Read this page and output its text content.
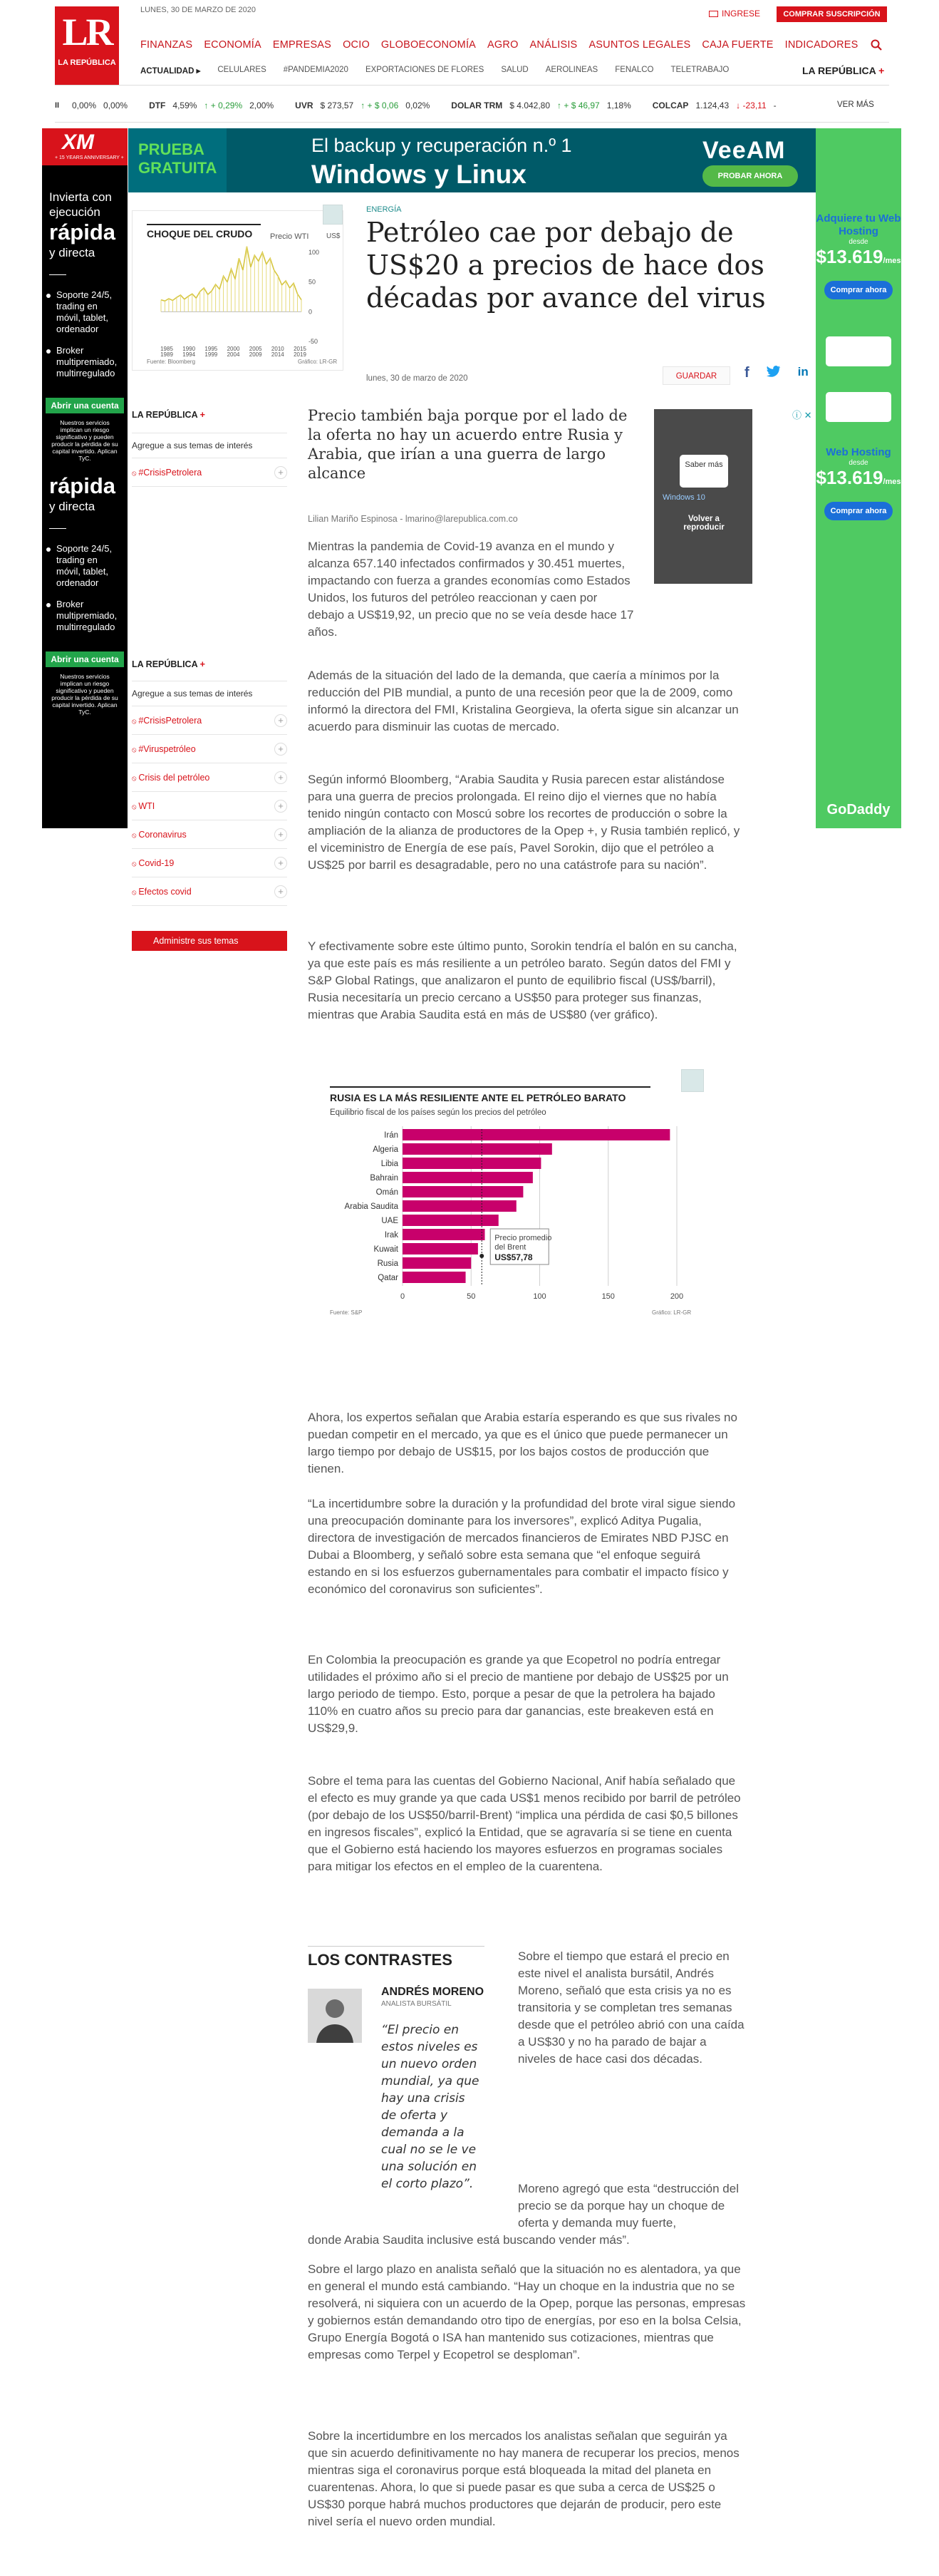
LR
LA REPÚBLICA
LUNES, 30 DE MARZO DE 2020	INGRESE	COMPRAR SUSCRIPCIÓN
FINANZAS ECONOMÍA EMPRESAS OCIO GLOBOECONOMÍA AGRO ANÁLISIS ASUNTOS LEGALES CAJA FUERTE INDICADORES
ACTUALIDAD ▸ CELULARES #PANDEMIA2020 EXPORTACIONES DE FLORES SALUD AEROLINEAS FENALCO TELETRABAJO	LA REPÚBLICA +
II	0,00% 0,00%	DTF 4,59% ↑ + 0,29% 2,00%	UVR $ 273,57 ↑ + $ 0,06 0,02%	DOLAR TRM $ 4.042,80 ↑ + $ 46,97 1,18%	COLCAP 1.124,43 ↓ -23,11 -	VER MÁS
XM
+ 15 YEARS ANNIVERSARY +
Invierta con ejecución
rápida
y directa
Soporte 24/5, trading en móvil, tablet, ordenador
Broker multipremiado, multirregulado
Abrir una cuenta
Nuestros servicios implican un riesgo significativo y pueden producir la pérdida de su capital invertido. Aplican TyC.
rápida
y directa
Soporte 24/5, trading en móvil, tablet, ordenador
Broker multipremiado, multirregulado
Abrir una cuenta
Nuestros servicios implican un riesgo significativo y pueden producir la pérdida de su capital invertido. Aplican TyC.
Adquiere tu Web Hosting
desde
$13.619/mes
Comprar ahora
Web Hosting
desde
$13.619/mes
Comprar ahora
GoDaddy
PRUEBA GRATUITA
El backup y recuperación n.º 1
Windows y Linux
VeeAM
PROBAR AHORA
CHOQUE DEL CRUDO Precio WTI US$
100
50
0
-50
1985
1989
1990
1994
1995
1999
2000
2004
2005
2009
2010
2014
2015
2019
Fuente: Bloomberg	Gráfico: LR-GR
LA REPÚBLICA +
Agregue a sus temas de interés
⦸ #CrisisPetrolera	+
LA REPÚBLICA +
Agregue a sus temas de interés
⦸ #CrisisPetrolera	+
⦸ #Viruspetróleo	+
⦸ Crisis del petróleo	+
⦸ WTI	+
⦸ Coronavirus	+
⦸ Covid-19	+
⦸ Efectos covid	+
Administre sus temas
ENERGÍA
Petróleo cae por debajo de US$20 a precios de hace dos décadas por avance del virus
lunes, 30 de marzo de 2020	GUARDAR	f	in
Precio también baja porque por el lado de la oferta no hay un acuerdo entre Rusia y Arabia, que irían a una guerra de largo alcance
Lilian Mariño Espinosa - lmarino@larepublica.com.co
Saber más
Windows 10
Volver a reproducir
ⓘ ✕
Mientras la pandemia de Covid-19 avanza en el mundo y alcanza 657.140 infectados confirmados y 30.451 muertes, impactando con fuerza a grandes economías como Estados Unidos, los futuros del petróleo reaccionan y caen por debajo a US$19,92, un precio que no se veía desde hace 17 años.
Además de la situación del lado de la demanda, que caería a mínimos por la reducción del PIB mundial, a punto de una recesión peor que la de 2009, como informó la directora del FMI, Kristalina Georgieva, la oferta sigue sin alcanzar un acuerdo para disminuir las cuotas de mercado.
Según informó Bloomberg, “Arabia Saudita y Rusia parecen estar alistándose para una guerra de precios prolongada. El reino dijo el viernes que no había tenido ningún contacto con Moscú sobre los recortes de producción o sobre la ampliación de la alianza de productores de la Opep +, y Rusia también replicó, y el viceministro de Energía de ese país, Pavel Sorokin, dijo que el petróleo a US$25 por barril es desagradable, pero no una catástrofe para su nación”.
Y efectivamente sobre este último punto, Sorokin tendría el balón en su cancha, ya que este país es más resiliente a un petróleo barato. Según datos del FMI y S&P Global Ratings, que analizaron el punto de equilibrio fiscal (US$/barril), Rusia necesitaría un precio cercano a US$50 para proteger sus finanzas, mientras que Arabia Saudita está en más de US$80 (ver gráfico).
RUSIA ES LA MÁS RESILIENTE ANTE EL PETRÓLEO BARATO
Equilibrio fiscal de los países según los precios del petróleo
0	50	100	150	200
Irán
Algeria
Libia
Bahrain
Omán
Arabia Saudita
UAE
Irak
Kuwait
Rusia
Qatar
Precio promedio
del Brent
US$57,78
Fuente: S&P	Gráfico: LR-GR
Ahora, los expertos señalan que Arabia estaría esperando es que sus rivales no puedan competir en el mercado, ya que es el único que puede permanecer un largo tiempo por debajo de US$15, por los bajos costos de producción que tienen.
“La incertidumbre sobre la duración y la profundidad del brote viral sigue siendo una preocupación dominante para los inversores”, explicó Aditya Pugalia, directora de investigación de mercados financieros de Emirates NBD PJSC en Dubai a Bloomberg, y señaló sobre esta semana que “el enfoque seguirá estando en si los esfuerzos gubernamentales para combatir el impacto físico y económico del coronavirus son suficientes”.
En Colombia la preocupación es grande ya que Ecopetrol no podría entregar utilidades el próximo año si el precio de mantiene por debajo de US$25 por un largo periodo de tiempo. Esto, porque a pesar de que la petrolera ha bajado 110% en cuatro años su precio para dar ganancias, este breakeven está en US$29,9.
Sobre el tema para las cuentas del Gobierno Nacional, Anif había señalado que el efecto es muy grande ya que cada US$1 menos recibido por barril de petróleo (por debajo de los US$50/barril-Brent) “implica una pérdida de casi $0,5 billones en ingresos fiscales”, explicó la Entidad, que se agravaría si se tiene en cuenta que el Gobierno está haciendo los mayores esfuerzos en programas sociales para mitigar los efectos en el empleo de la cuarentena.
LOS CONTRASTES
ANDRÉS MORENO
ANALISTA BURSÁTIL
“El precio en estos niveles es un nuevo orden mundial, ya que hay una crisis de oferta y demanda a la cual no se le ve una solución en el corto plazo”.
Sobre el tiempo que estará el precio en este nivel el analista bursátil, Andrés Moreno, señaló que esta crisis ya no es transitoria y se completan tres semanas desde que el petróleo abrió con una caída a US$30 y no ha parado de bajar a niveles de hace casi dos décadas.
Moreno agregó que esta “destrucción del precio se da porque hay un choque de oferta y demanda muy fuerte,
donde Arabia Saudita inclusive está buscando vender más”.
Sobre el largo plazo en analista señaló que la situación no es alentadora, ya que en general el mundo está cambiando. “Hay un choque en la industria que no se resolverá, ni siquiera con un acuerdo de la Opep, porque las personas, empresas y gobiernos están demandando otro tipo de energías, por eso en la bolsa Celsia, Grupo Energía Bogotá o ISA han mantenido sus cotizaciones, mientras que empresas como Terpel y Ecopetrol se desploman”.
Sobre la incertidumbre en los mercados los analistas señalan que seguirán ya que sin acuerdo definitivamente no hay manera de recuperar los precios, menos mientras siga el coronavirus porque está bloqueada la mitad del planeta en cuarentenas. Ahora, lo que si puede pasar es que suba a cerca de US$25 o US$30 porque habrá muchos productores que dejarán de producir, pero este nivel sería el nuevo orden mundial.
